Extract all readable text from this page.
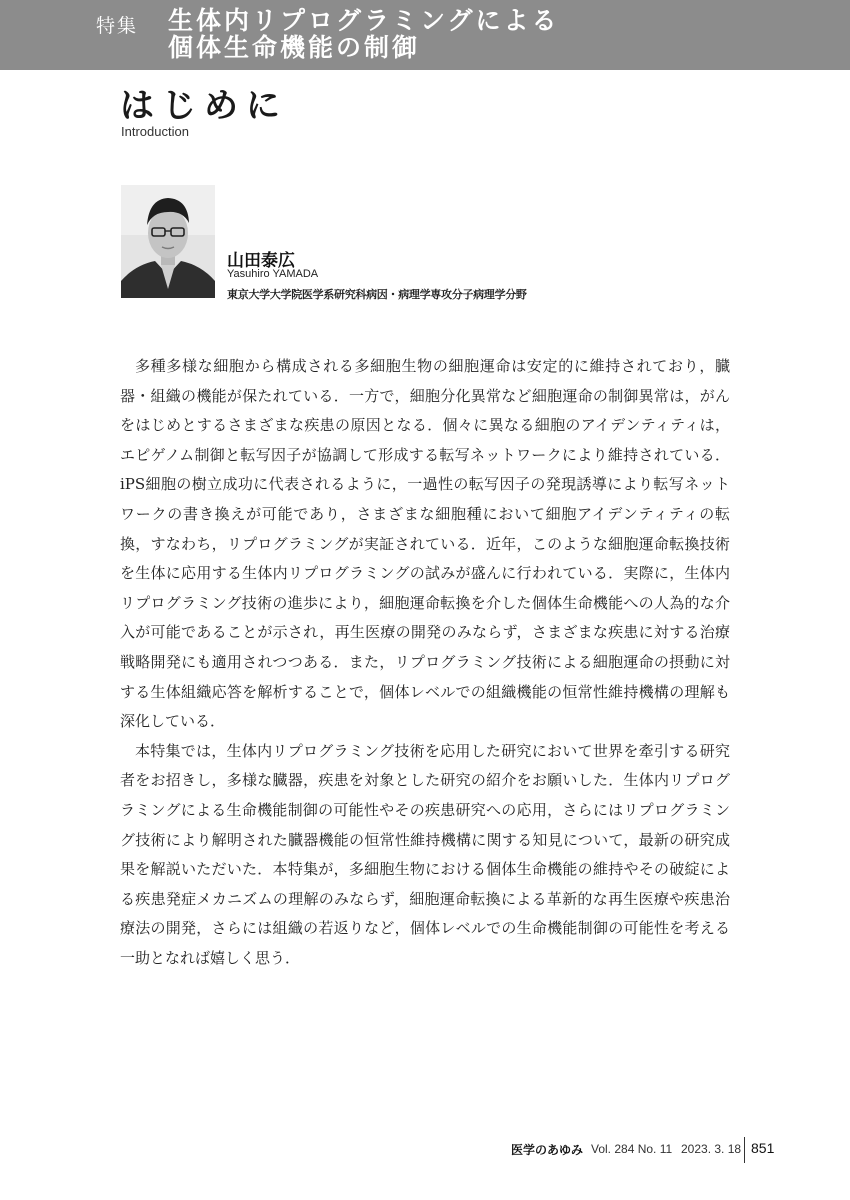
特集 生体内リプログラミングによる
個体生命機能の制御
はじめに
Introduction
山田泰広
Yasuhiro YAMADA
東京大学大学院医学系研究科病因・病理学専攻分子病理学分野

多種多様な細胞から構成される多細胞生物の細胞運命は安定的に維持されており，臓器・組織の機能が保たれている．一方で，細胞分化異常など細胞運命の制御異常は，がんをはじめとするさまざまな疾患の原因となる．個々に異なる細胞のアイデンティティは，エピゲノム制御と転写因子が協調して形成する転写ネットワークにより維持されている．iPS細胞の樹立成功に代表されるように，一過性の転写因子の発現誘導により転写ネットワークの書き換えが可能であり，さまざまな細胞種において細胞アイデンティティの転換，すなわち，リプログラミングが実証されている．近年，このような細胞運命転換技術を生体に応用する生体内リプログラミングの試みが盛んに行われている．実際に，生体内リプログラミング技術の進歩により，細胞運命転換を介した個体生命機能への人為的な介入が可能であることが示され，再生医療の開発のみならず，さまざまな疾患に対する治療戦略開発にも適用されつつある．また，リプログラミング技術による細胞運命の摂動に対する生体組織応答を解析することで，個体レベルでの組織機能の恒常性維持機構の理解も深化している．

本特集では，生体内リプログラミング技術を応用した研究において世界を牽引する研究者をお招きし，多様な臓器，疾患を対象とした研究の紹介をお願いした．生体内リプログラミングによる生命機能制御の可能性やその疾患研究への応用，さらにはリプログラミング技術により解明された臓器機能の恒常性維持機構に関する知見について，最新の研究成果を解説いただいた．本特集が，多細胞生物における個体生命機能の維持やその破綻による疾患発症メカニズムの理解のみならず，細胞運命転換による革新的な再生医療や疾患治療法の開発，さらには組織の若返りなど，個体レベルでの生命機能制御の可能性を考える一助となれば嬉しく思う．

医学のあゆみ Vol. 284 No. 11 2023. 3. 18 851
